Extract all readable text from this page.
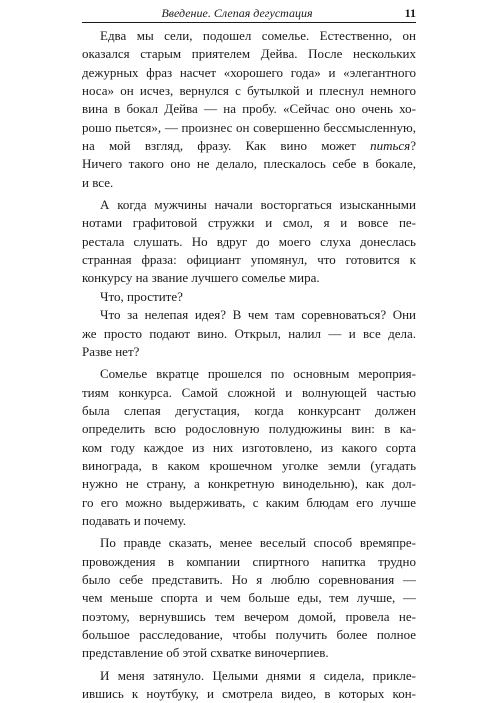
Введение. Слепая дегустация	11

Едва мы сели, подошел сомелье. Естественно, он
оказался старым приятелем Дейва. После нескольких
дежурных фраз насчет «хорошего года» и «элегантного
носа» он исчез, вернулся с бутылкой и плеснул немного
вина в бокал Дейва — на пробу. «Сейчас оно очень хо-
рошо пьется», — произнес он совершенно бессмысленную,
на мой взгляд, фразу. Как вино может питься?
Ничего такого оно не делало, плескалось себе в бокале,
и все.

А когда мужчины начали восторгаться изысканными
нотами графитовой стружки и смол, я и вовсе пе-
рестала слушать. Но вдруг до моего слуха донеслась
странная фраза: официант упомянул, что готовится к
конкурсу на звание лучшего сомелье мира.

Что, простите?

Что за нелепая идея? В чем там соревноваться? Они
же просто подают вино. Открыл, налил — и все дела.
Разве нет?

Сомелье вкратце прошелся по основным мероприя-
тиям конкурса. Самой сложной и волнующей частью
была слепая дегустация, когда конкурсант должен
определить всю родословную полудюжины вин: в ка-
ком году каждое из них изготовлено, из какого сорта
винограда, в каком крошечном уголке земли (угадать
нужно не страну, а конкретную винодельню), как дол-
го его можно выдерживать, с каким блюдам его лучше
подавать и почему.

По правде сказать, менее веселый способ времяпре-
провождения в компании спиртного напитка трудно
было себе представить. Но я люблю соревнования —
чем меньше спорта и чем больше еды, тем лучше, —
поэтому, вернувшись тем вечером домой, провела не-
большое расследование, чтобы получить более полное
представление об этой схватке виночерпиев.

И меня затянуло. Целыми днями я сидела, прикле-
ившись к ноутбуку, и смотрела видео, в которых кон-
